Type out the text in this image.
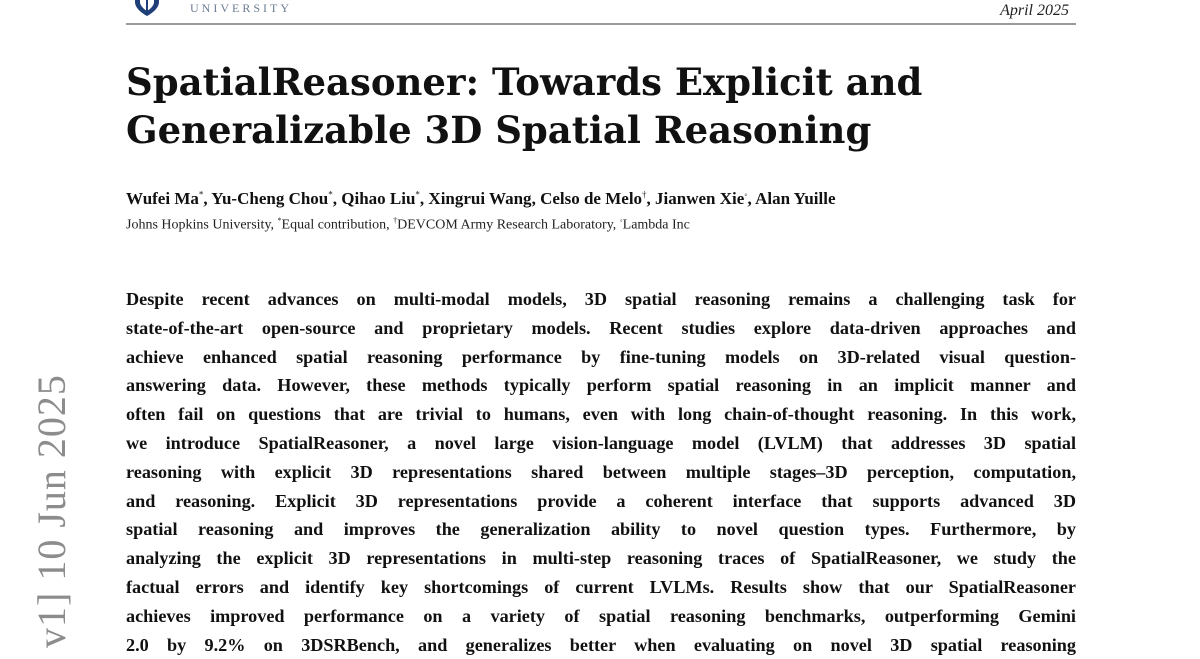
UNIVERSITY	April 2025
SpatialReasoner: Towards Explicit and Generalizable 3D Spatial Reasoning
Wufei Ma*, Yu-Cheng Chou*, Qihao Liu*, Xingrui Wang, Celso de Melo†, Jianwen Xie◦, Alan Yuille
Johns Hopkins University, *Equal contribution, †DEVCOM Army Research Laboratory, ◦Lambda Inc
Despite recent advances on multi-modal models, 3D spatial reasoning remains a challenging task for
state-of-the-art open-source and proprietary models. Recent studies explore data-driven approaches and
achieve enhanced spatial reasoning performance by fine-tuning models on 3D-related visual question-
answering data. However, these methods typically perform spatial reasoning in an implicit manner and
often fail on questions that are trivial to humans, even with long chain-of-thought reasoning. In this work,
we introduce SpatialReasoner, a novel large vision-language model (LVLM) that addresses 3D spatial
reasoning with explicit 3D representations shared between multiple stages–3D perception, computation,
and reasoning. Explicit 3D representations provide a coherent interface that supports advanced 3D
spatial reasoning and improves the generalization ability to novel question types. Furthermore, by
analyzing the explicit 3D representations in multi-step reasoning traces of SpatialReasoner, we study the
factual errors and identify key shortcomings of current LVLMs. Results show that our SpatialReasoner
achieves improved performance on a variety of spatial reasoning benchmarks, outperforming Gemini
2.0 by 9.2% on 3DSRBench, and generalizes better when evaluating on novel 3D spatial reasoning
v1] 10 Jun 2025
